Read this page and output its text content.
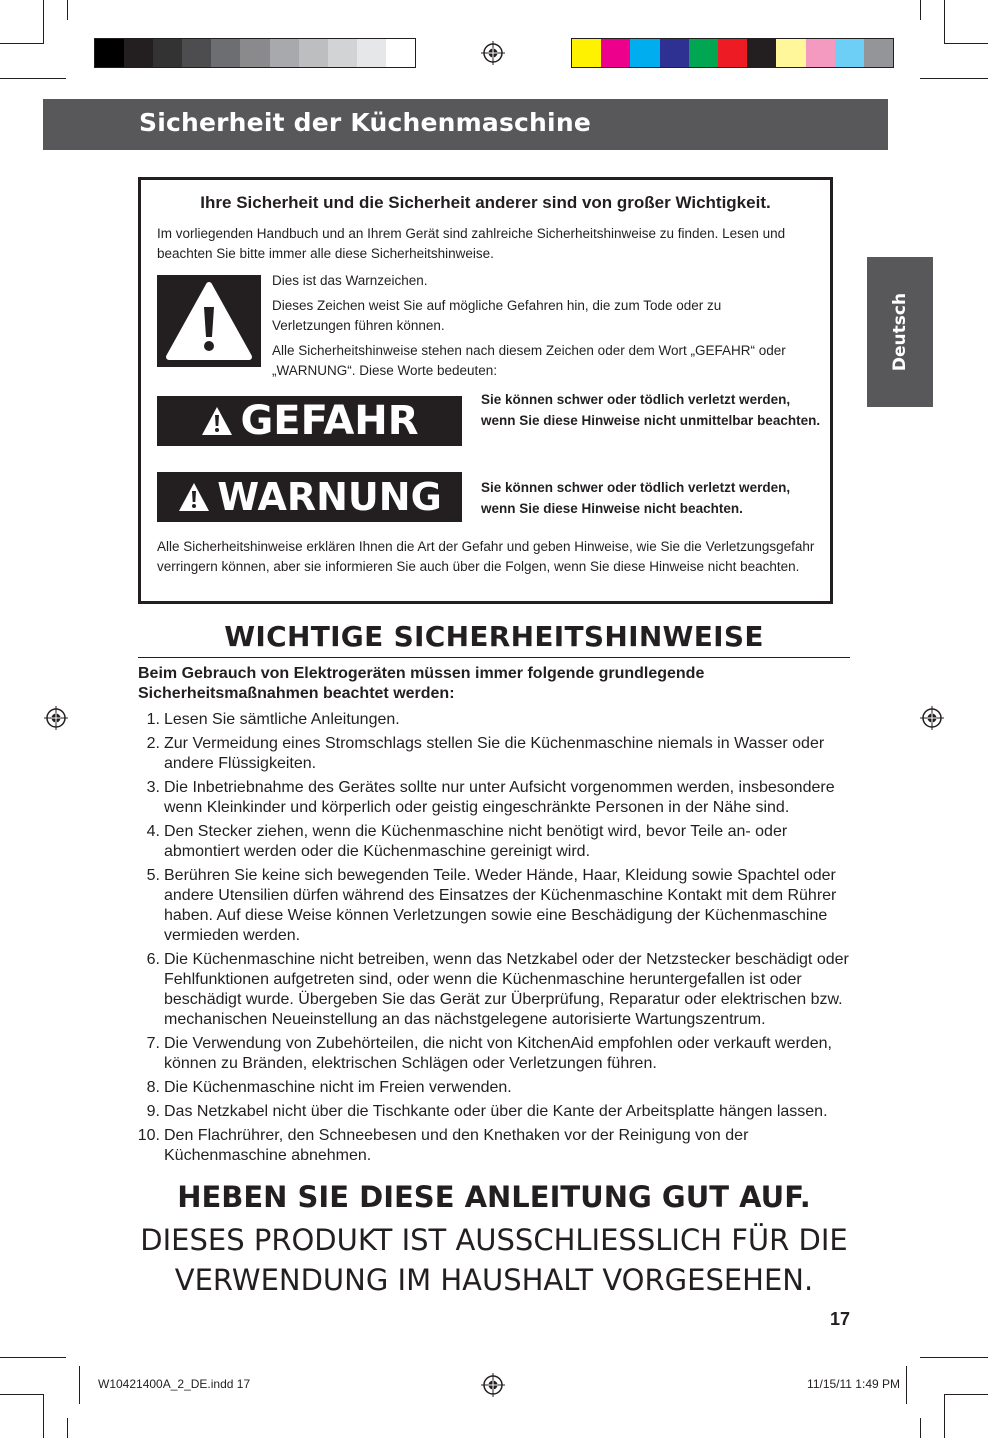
Sicherheit der Küchenmaschine
Deutsch
Ihre Sicherheit und die Sicherheit anderer sind von großer Wichtigkeit.
Im vorliegenden Handbuch und an Ihrem Gerät sind zahlreiche Sicherheitshinweise zu finden. Lesen und beachten Sie bitte immer alle diese Sicherheitshinweise.
Dies ist das Warnzeichen.
Dieses Zeichen weist Sie auf mögliche Gefahren hin, die zum Tode oder zu Verletzungen führen können.
Alle Sicherheitshinweise stehen nach diesem Zeichen oder dem Wort „GEFAHR“ oder „WARNUNG“. Diese Worte bedeuten:
GEFAHR	Sie können schwer oder tödlich verletzt werden, wenn Sie diese Hinweise nicht unmittelbar beachten.
WARNUNG	Sie können schwer oder tödlich verletzt werden, wenn Sie diese Hinweise nicht beachten.
Alle Sicherheitshinweise erklären Ihnen die Art der Gefahr und geben Hinweise, wie Sie die Verletzungsgefahr verringern können, aber sie informieren Sie auch über die Folgen, wenn Sie diese Hinweise nicht beachten.
WICHTIGE SICHERHEITSHINWEISE
Beim Gebrauch von Elektrogeräten müssen immer folgende grundlegende Sicherheitsmaßnahmen beachtet werden:
1. Lesen Sie sämtliche Anleitungen.
2. Zur Vermeidung eines Stromschlags stellen Sie die Küchenmaschine niemals in Wasser oder andere Flüssigkeiten.
3. Die Inbetriebnahme des Gerätes sollte nur unter Aufsicht vorgenommen werden, insbesondere wenn Kleinkinder und körperlich oder geistig eingeschränkte Personen in der Nähe sind.
4. Den Stecker ziehen, wenn die Küchenmaschine nicht benötigt wird, bevor Teile an- oder abmontiert werden oder die Küchenmaschine gereinigt wird.
5. Berühren Sie keine sich bewegenden Teile. Weder Hände, Haar, Kleidung sowie Spachtel oder andere Utensilien dürfen während des Einsatzes der Küchenmaschine Kontakt mit dem Rührer haben. Auf diese Weise können Verletzungen sowie eine Beschädigung der Küchenmaschine vermieden werden.
6. Die Küchenmaschine nicht betreiben, wenn das Netzkabel oder der Netzstecker beschädigt oder Fehlfunktionen aufgetreten sind, oder wenn die Küchenmaschine heruntergefallen ist oder beschädigt wurde. Übergeben Sie das Gerät zur Überprüfung, Reparatur oder elektrischen bzw. mechanischen Neueinstellung an das nächstgelegene autorisierte Wartungszentrum.
7. Die Verwendung von Zubehörteilen, die nicht von KitchenAid empfohlen oder verkauft werden, können zu Bränden, elektrischen Schlägen oder Verletzungen führen.
8. Die Küchenmaschine nicht im Freien verwenden.
9. Das Netzkabel nicht über die Tischkante oder über die Kante der Arbeitsplatte hängen lassen.
10. Den Flachrührer, den Schneebesen und den Knethaken vor der Reinigung von der Küchenmaschine abnehmen.
HEBEN SIE DIESE ANLEITUNG GUT AUF.
DIESES PRODUKT IST AUSSCHLIESSLICH FÜR DIE
VERWENDUNG IM HAUSHALT VORGESEHEN.
17
W10421400A_2_DE.indd 17	11/15/11 1:49 PM
